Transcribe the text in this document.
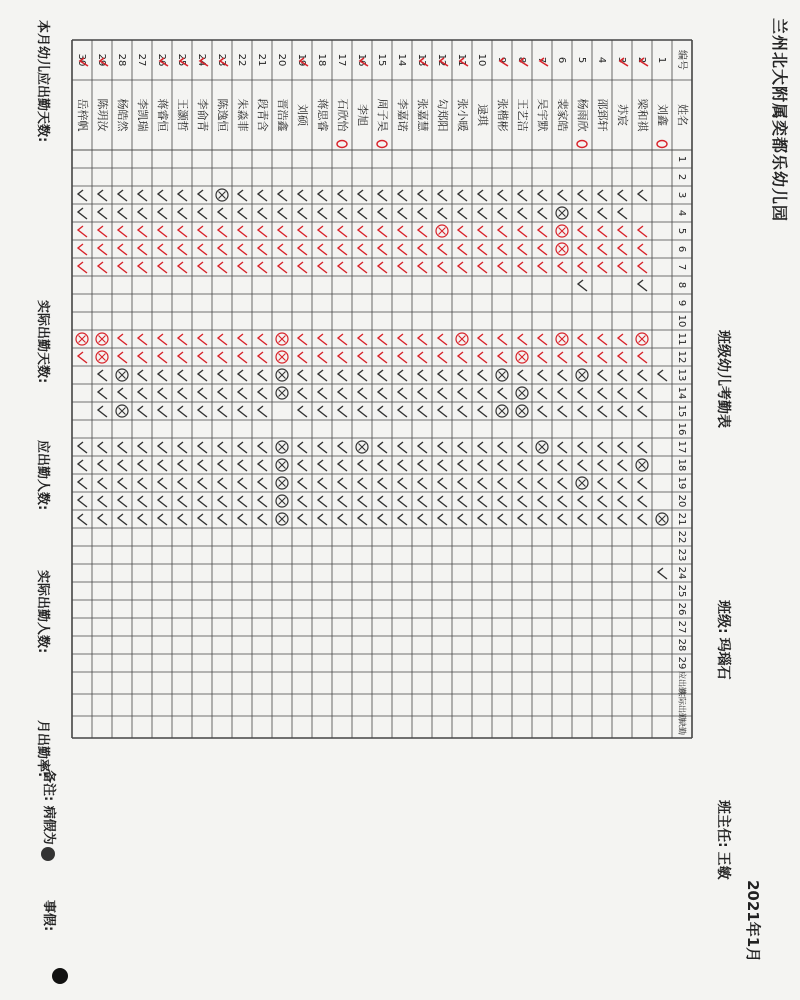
兰州北大附属奕都乐幼儿园
2021年1月
班级幼儿考勤表
班级:玛瑙石
班主任:王敏
编号
姓名
1
2
3
4
5
6
7
8
9
10
11
12
13
14
15
16
17
18
19
20
21
22
23
24
25
26
27
28
29
应出勤
实际出勤
缺勤
1
刘鑫
2
梁和祺
3
苏宸
4
邵郅轩
5
杨雨欣
6
裴家皓
7
吴宇默
8
王艺洁
9
张楷彬
10
逯琪
11
张小暖
12
勾郑阳
13
张嘉慧
14
李嘉诺
15
周子昊
16
李旭
17
石欣怡
18
蒋思睿
19
刘硕
20
晋浩鑫
21
段青含
22
朱淼菲
23
陈逸恒
24
李俞青
25
王灏哲
26
蒋睿恒
27
李凯瑞
28
杨皓然
29
陈玥汝
30
岳梓帆
本月幼儿应出勤天数:
实际出勤天数:
应出勤人数:
实际出勤人数:
月出勤率:
备注: 病假为
事假:
